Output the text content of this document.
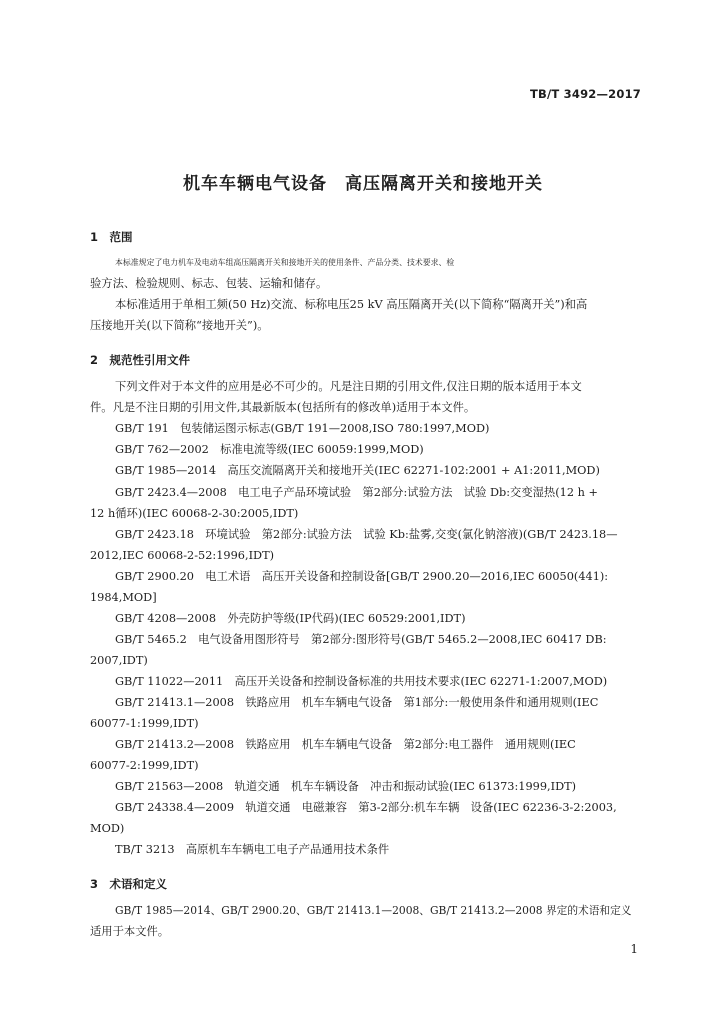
TB/T 3492—2017
机车车辆电气设备　高压隔离开关和接地开关
1　范围
本标准规定了电力机车及电动车组高压隔离开关和接地开关的使用条件、产品分类、技术要求、检
验方法、检验规则、标志、包装、运输和储存。
本标准适用于单相工频(50 Hz)交流、标称电压25 kV 高压隔离开关(以下简称“隔离开关”)和高
压接地开关(以下简称“接地开关”)。
2　规范性引用文件
下列文件对于本文件的应用是必不可少的。凡是注日期的引用文件,仅注日期的版本适用于本文
件。凡是不注日期的引用文件,其最新版本(包括所有的修改单)适用于本文件。
GB/T 191　包装储运图示标志(GB/T 191—2008,ISO 780:1997,MOD)
GB/T 762—2002　标准电流等级(IEC 60059:1999,MOD)
GB/T 1985—2014　高压交流隔离开关和接地开关(IEC 62271-102:2001 + A1:2011,MOD)
GB/T 2423.4—2008　电工电子产品环境试验　第2部分:试验方法　试验 Db:交变湿热(12 h +
12 h循环)(IEC 60068-2-30:2005,IDT)
GB/T 2423.18　环境试验　第2部分:试验方法　试验 Kb:盐雾,交变(氯化钠溶液)(GB/T 2423.18—
2012,IEC 60068-2-52:1996,IDT)
GB/T 2900.20　电工术语　高压开关设备和控制设备[GB/T 2900.20—2016,IEC 60050(441):
1984,MOD]
GB/T 4208—2008　外壳防护等级(IP代码)(IEC 60529:2001,IDT)
GB/T 5465.2　电气设备用图形符号　第2部分:图形符号(GB/T 5465.2—2008,IEC 60417 DB:
2007,IDT)
GB/T 11022—2011　高压开关设备和控制设备标准的共用技术要求(IEC 62271-1:2007,MOD)
GB/T 21413.1—2008　铁路应用　机车车辆电气设备　第1部分:一般使用条件和通用规则(IEC
60077-1:1999,IDT)
GB/T 21413.2—2008　铁路应用　机车车辆电气设备　第2部分:电工器件　通用规则(IEC
60077-2:1999,IDT)
GB/T 21563—2008　轨道交通　机车车辆设备　冲击和振动试验(IEC 61373:1999,IDT)
GB/T 24338.4—2009　轨道交通　电磁兼容　第3-2部分:机车车辆　设备(IEC 62236-3-2:2003,
MOD)
TB/T 3213　高原机车车辆电工电子产品通用技术条件
3　术语和定义
GB/T 1985—2014、GB/T 2900.20、GB/T 21413.1—2008、GB/T 21413.2—2008 界定的术语和定义
适用于本文件。
1
